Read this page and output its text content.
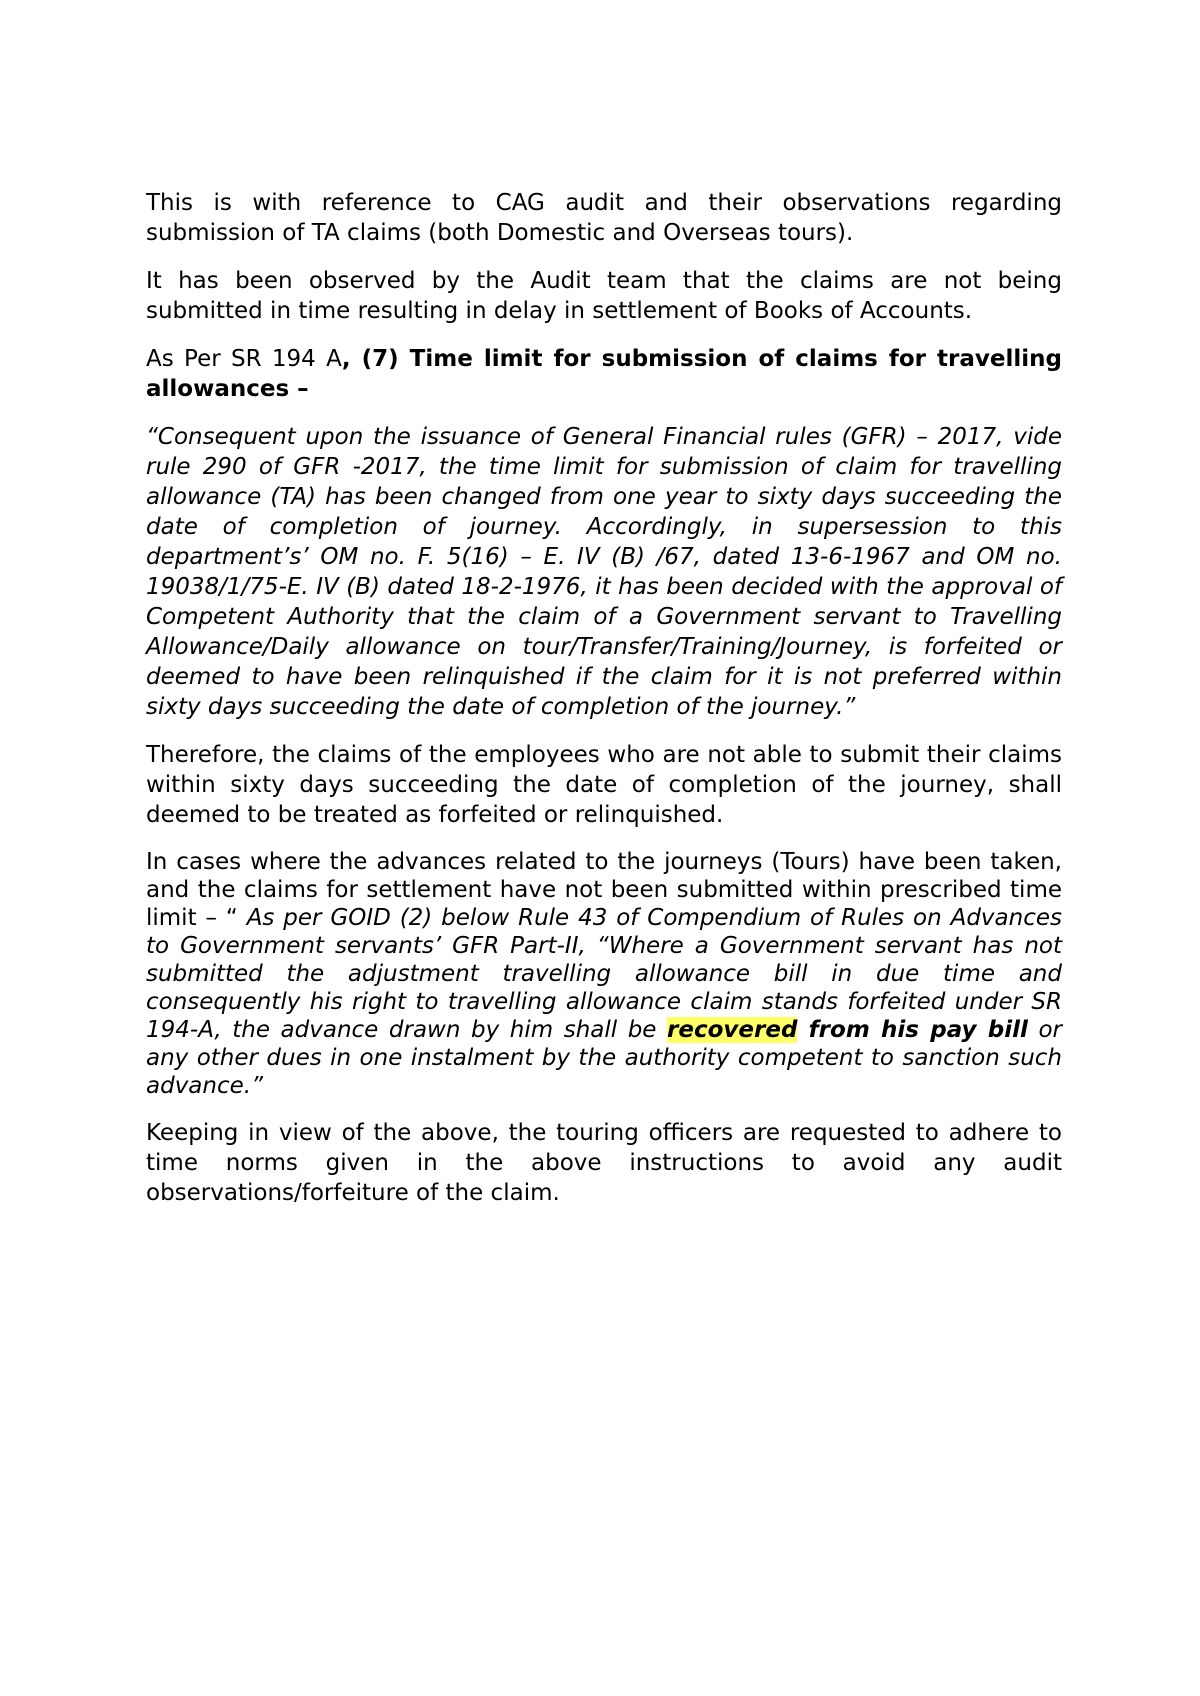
This is with reference to CAG audit and their observations regarding submission of TA claims (both Domestic and Overseas tours).

It has been observed by the Audit team that the claims are not being submitted in time resulting in delay in settlement of Books of Accounts.

As Per SR 194 A, (7) Time limit for submission of claims for travelling allowances –

“Consequent upon the issuance of General Financial rules (GFR) – 2017, vide rule 290 of GFR -2017, the time limit for submission of claim for travelling allowance (TA) has been changed from one year to sixty days succeeding the date of completion of journey. Accordingly, in supersession to this department’s’ OM no. F. 5(16) – E. IV (B) /67, dated 13-6-1967 and OM no. 19038/1/75-E. IV (B) dated 18-2-1976, it has been decided with the approval of Competent Authority that the claim of a Government servant to Travelling Allowance/Daily allowance on tour/Transfer/Training/Journey, is forfeited or deemed to have been relinquished if the claim for it is not preferred within sixty days succeeding the date of completion of the journey.”

Therefore, the claims of the employees who are not able to submit their claims within sixty days succeeding the date of completion of the journey, shall deemed to be treated as forfeited or relinquished.

In cases where the advances related to the journeys (Tours) have been taken, and the claims for settlement have not been submitted within prescribed time limit – “ As per GOID (2) below Rule 43 of Compendium of Rules on Advances to Government servants’ GFR Part-II, “Where a Government servant has not submitted the adjustment travelling allowance bill in due time and consequently his right to travelling allowance claim stands forfeited under SR 194-A, the advance drawn by him shall be recovered from his pay bill or any other dues in one instalment by the authority competent to sanction such advance.”

Keeping in view of the above, the touring officers are requested to adhere to time norms given in the above instructions to avoid any audit observations/forfeiture of the claim.
